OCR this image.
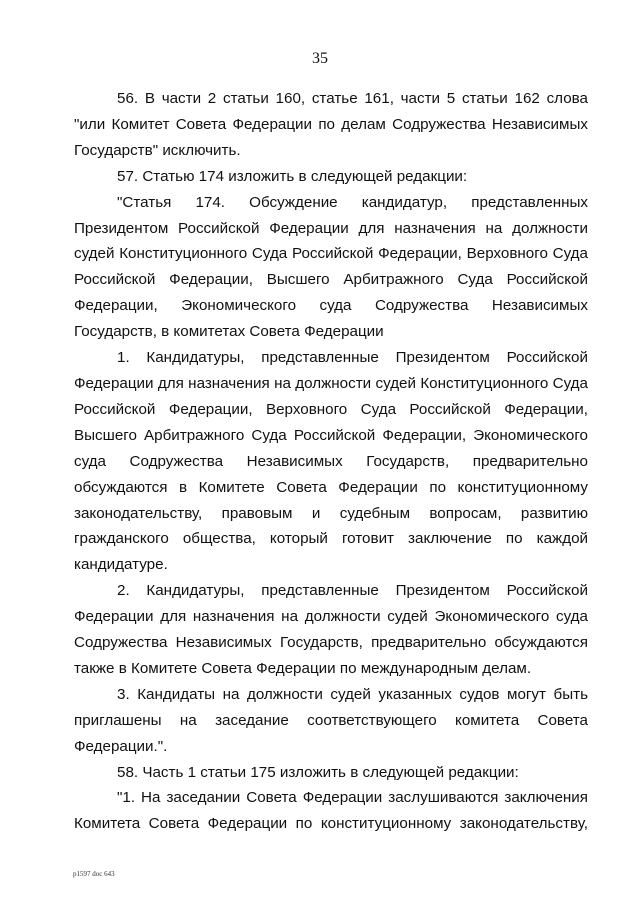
35
56. В части 2 статьи 160, статье 161, части 5 статьи 162 слова
"или Комитет Совета Федерации по делам Содружества Независимых
Государств" исключить.
57. Статью 174 изложить в следующей редакции:
"Статья 174. Обсуждение кандидатур, представленных
Президентом Российской Федерации для назначения на должности
судей Конституционного Суда Российской Федерации, Верховного Суда
Российской Федерации, Высшего Арбитражного Суда Российской
Федерации, Экономического суда Содружества Независимых
Государств, в комитетах Совета Федерации
1. Кандидатуры, представленные Президентом Российской
Федерации для назначения на должности судей Конституционного Суда
Российской Федерации, Верховного Суда Российской Федерации,
Высшего Арбитражного Суда Российской Федерации, Экономического
суда Содружества Независимых Государств, предварительно
обсуждаются в Комитете Совета Федерации по конституционному
законодательству, правовым и судебным вопросам, развитию
гражданского общества, который готовит заключение по каждой
кандидатуре.
2. Кандидатуры, представленные Президентом Российской
Федерации для назначения на должности судей Экономического суда
Содружества Независимых Государств, предварительно обсуждаются
также в Комитете Совета Федерации по международным делам.
3. Кандидаты на должности судей указанных судов могут быть
приглашены на заседание соответствующего комитета Совета
Федерации.".
58. Часть 1 статьи 175 изложить в следующей редакции:
"1. На заседании Совета Федерации заслушиваются заключения
Комитета Совета Федерации по конституционному законодательству,
p1597 doc 643
